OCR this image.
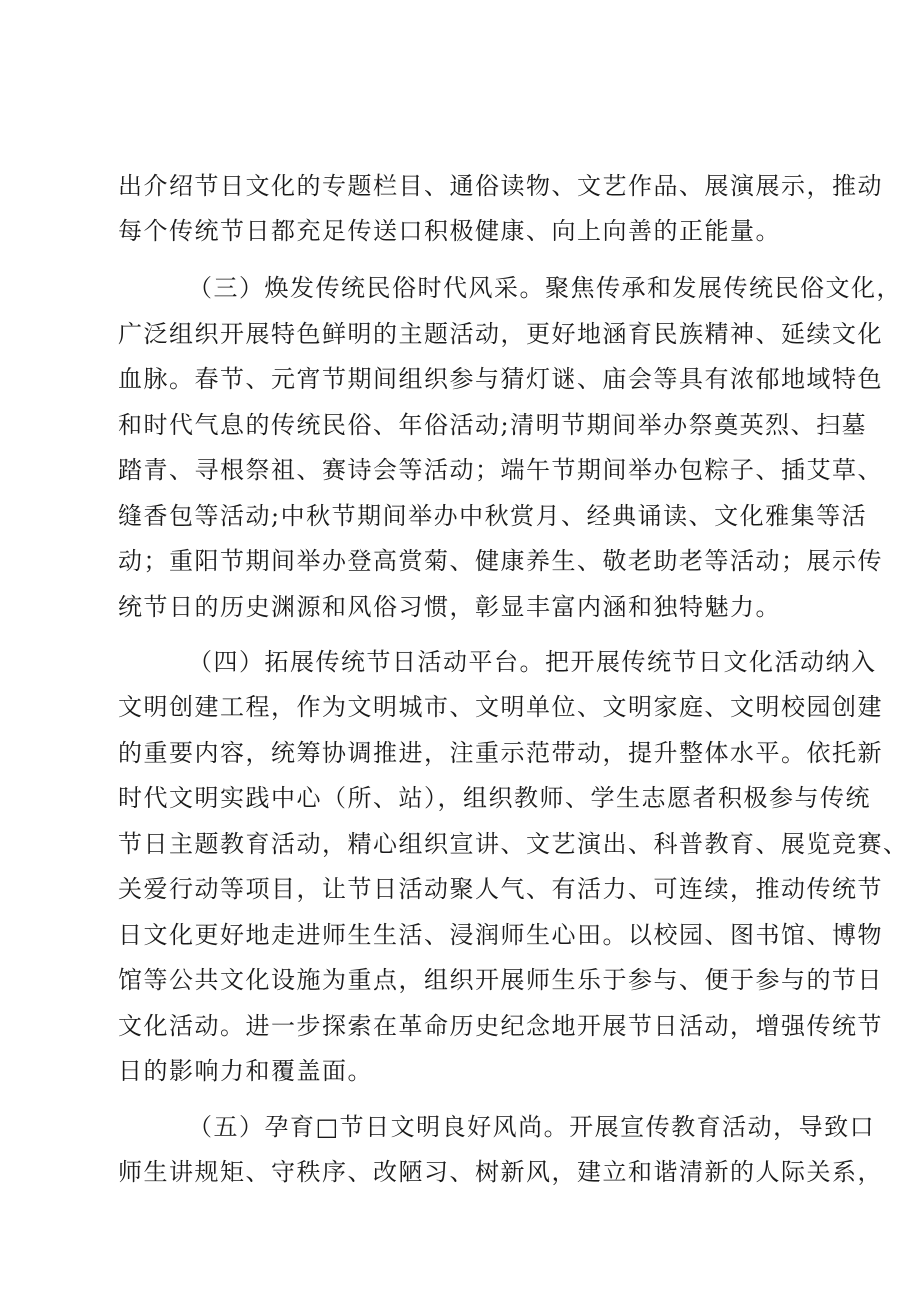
出介绍节日文化的专题栏目、通俗读物、文艺作品、展演展示，推动
每个传统节日都充足传送口积极健康、向上向善的正能量。
（三）焕发传统民俗时代风采。聚焦传承和发展传统民俗文化，
广泛组织开展特色鲜明的主题活动，更好地涵育民族精神、延续文化
血脉。春节、元宵节期间组织参与猜灯谜、庙会等具有浓郁地域特色
和时代气息的传统民俗、年俗活动;清明节期间举办祭奠英烈、扫墓
踏青、寻根祭祖、赛诗会等活动；端午节期间举办包粽子、插艾草、
缝香包等活动;中秋节期间举办中秋赏月、经典诵读、文化雅集等活
动；重阳节期间举办登高赏菊、健康养生、敬老助老等活动；展示传
统节日的历史渊源和风俗习惯，彰显丰富内涵和独特魅力。
（四）拓展传统节日活动平台。把开展传统节日文化活动纳入
文明创建工程，作为文明城市、文明单位、文明家庭、文明校园创建
的重要内容，统筹协调推进，注重示范带动，提升整体水平。依托新
时代文明实践中心（所、站），组织教师、学生志愿者积极参与传统
节日主题教育活动，精心组织宣讲、文艺演出、科普教育、展览竞赛、
关爱行动等项目，让节日活动聚人气、有活力、可连续，推动传统节
日文化更好地走进师生生活、浸润师生心田。以校园、图书馆、博物
馆等公共文化设施为重点，组织开展师生乐于参与、便于参与的节日
文化活动。进一步探索在革命历史纪念地开展节日活动，增强传统节
日的影响力和覆盖面。
（五）孕育□节日文明良好风尚。开展宣传教育活动，导致口
师生讲规矩、守秩序、改陋习、树新风，建立和谐清新的人际关系，
